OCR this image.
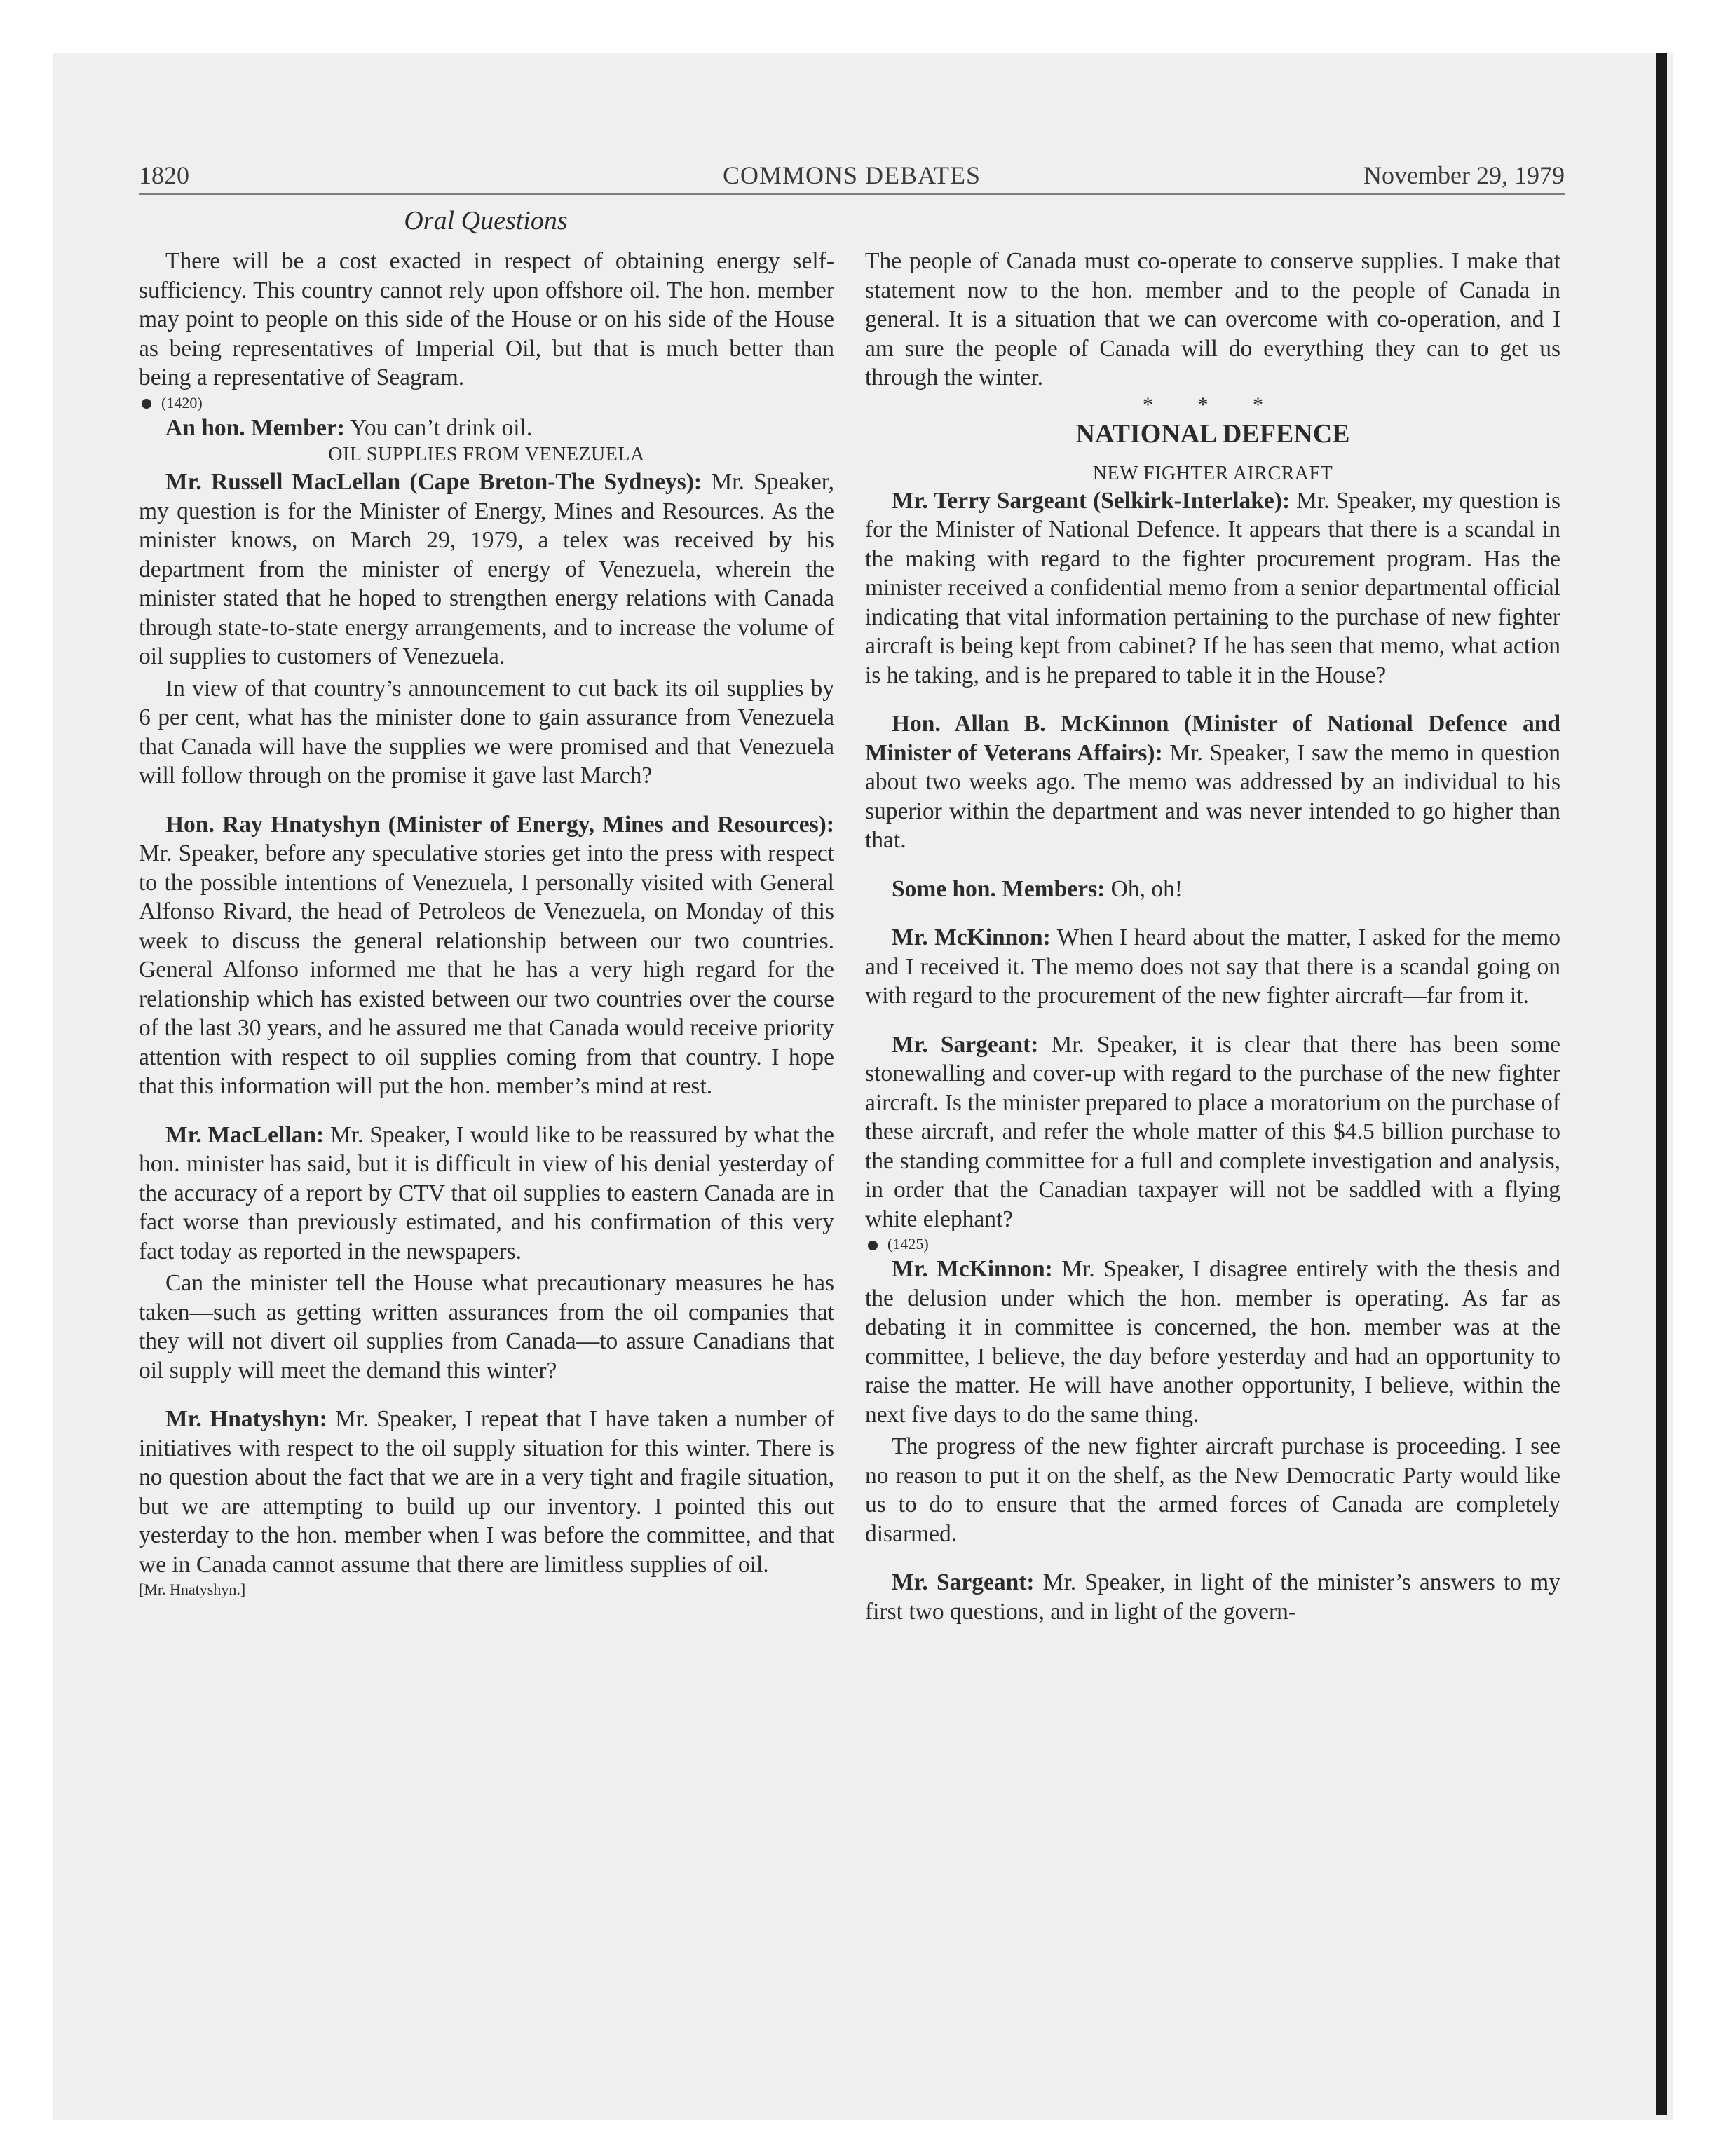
1820	COMMONS DEBATES	November 29, 1979
Oral Questions

There will be a cost exacted in respect of obtaining energy self-sufficiency. This country cannot rely upon offshore oil. The hon. member may point to people on this side of the House or on his side of the House as being representatives of Imperial Oil, but that is much better than being a representative of Seagram.

(1420)

An hon. Member: You can’t drink oil.

OIL SUPPLIES FROM VENEZUELA

Mr. Russell MacLellan (Cape Breton-The Sydneys): Mr. Speaker, my question is for the Minister of Energy, Mines and Resources. As the minister knows, on March 29, 1979, a telex was received by his department from the minister of energy of Venezuela, wherein the minister stated that he hoped to strengthen energy relations with Canada through state-to-state energy arrangements, and to increase the volume of oil supplies to customers of Venezuela.

In view of that country’s announcement to cut back its oil supplies by 6 per cent, what has the minister done to gain assurance from Venezuela that Canada will have the supplies we were promised and that Venezuela will follow through on the promise it gave last March?

Hon. Ray Hnatyshyn (Minister of Energy, Mines and Resources): Mr. Speaker, before any speculative stories get into the press with respect to the possible intentions of Venezuela, I personally visited with General Alfonso Rivard, the head of Petroleos de Venezuela, on Monday of this week to discuss the general relationship between our two countries. General Alfonso informed me that he has a very high regard for the relationship which has existed between our two countries over the course of the last 30 years, and he assured me that Canada would receive priority attention with respect to oil supplies coming from that country. I hope that this information will put the hon. member’s mind at rest.

Mr. MacLellan: Mr. Speaker, I would like to be reassured by what the hon. minister has said, but it is difficult in view of his denial yesterday of the accuracy of a report by CTV that oil supplies to eastern Canada are in fact worse than previously estimated, and his confirmation of this very fact today as reported in the newspapers.

Can the minister tell the House what precautionary measures he has taken—such as getting written assurances from the oil companies that they will not divert oil supplies from Canada—to assure Canadians that oil supply will meet the demand this winter?

Mr. Hnatyshyn: Mr. Speaker, I repeat that I have taken a number of initiatives with respect to the oil supply situation for this winter. There is no question about the fact that we are in a very tight and fragile situation, but we are attempting to build up our inventory. I pointed this out yesterday to the hon. member when I was before the committee, and that we in Canada cannot assume that there are limitless supplies of oil.

[Mr. Hnatyshyn.]

The people of Canada must co-operate to conserve supplies. I make that statement now to the hon. member and to the people of Canada in general. It is a situation that we can overcome with co-operation, and I am sure the people of Canada will do everything they can to get us through the winter.

* * *

NATIONAL DEFENCE

NEW FIGHTER AIRCRAFT

Mr. Terry Sargeant (Selkirk-Interlake): Mr. Speaker, my question is for the Minister of National Defence. It appears that there is a scandal in the making with regard to the fighter procurement program. Has the minister received a confidential memo from a senior departmental official indicating that vital information pertaining to the purchase of new fighter aircraft is being kept from cabinet? If he has seen that memo, what action is he taking, and is he prepared to table it in the House?

Hon. Allan B. McKinnon (Minister of National Defence and Minister of Veterans Affairs): Mr. Speaker, I saw the memo in question about two weeks ago. The memo was addressed by an individual to his superior within the department and was never intended to go higher than that.

Some hon. Members: Oh, oh!

Mr. McKinnon: When I heard about the matter, I asked for the memo and I received it. The memo does not say that there is a scandal going on with regard to the procurement of the new fighter aircraft—far from it.

Mr. Sargeant: Mr. Speaker, it is clear that there has been some stonewalling and cover-up with regard to the purchase of the new fighter aircraft. Is the minister prepared to place a moratorium on the purchase of these aircraft, and refer the whole matter of this $4.5 billion purchase to the standing committee for a full and complete investigation and analysis, in order that the Canadian taxpayer will not be saddled with a flying white elephant?

(1425)

Mr. McKinnon: Mr. Speaker, I disagree entirely with the thesis and the delusion under which the hon. member is operating. As far as debating it in committee is concerned, the hon. member was at the committee, I believe, the day before yesterday and had an opportunity to raise the matter. He will have another opportunity, I believe, within the next five days to do the same thing.

The progress of the new fighter aircraft purchase is proceeding. I see no reason to put it on the shelf, as the New Democratic Party would like us to do to ensure that the armed forces of Canada are completely disarmed.

Mr. Sargeant: Mr. Speaker, in light of the minister’s answers to my first two questions, and in light of the govern-
